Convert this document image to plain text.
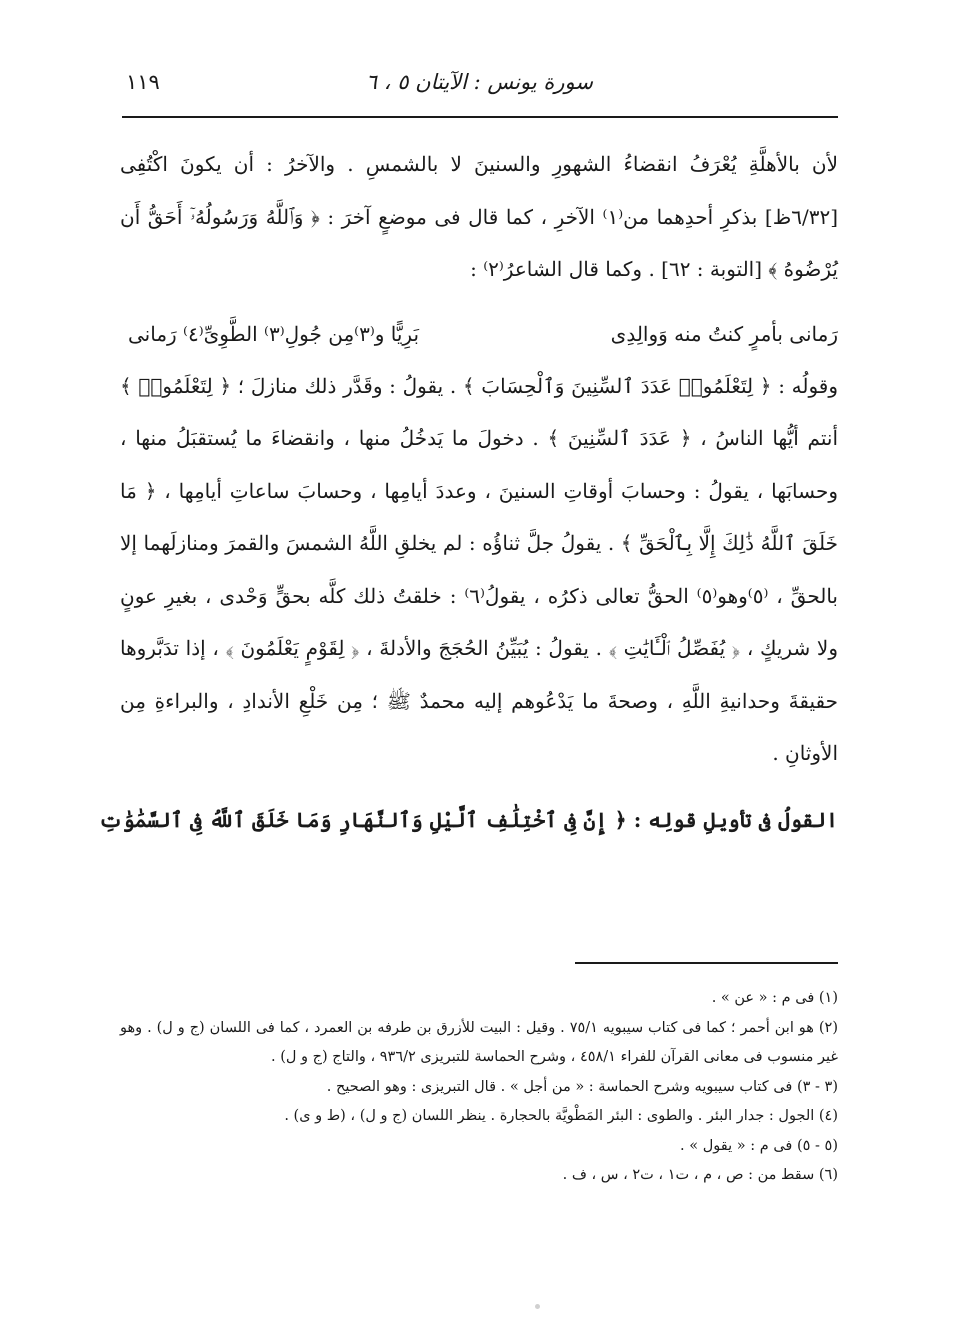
سورة يونس : الآيتان ٥ ، ٦
١١٩

لأن بالأهلَّةِ يُعْرَفُ انقضاءُ الشهورِ والسنينَ لا بالشمسِ . والآخرُ : أن يكونَ اكْتُفِى [٦/٣٢ظ] بذكرِ أحدِهما من⁽١⁾ الآخرِ ، كما قال فى موضعٍ آخرَ : ﴿ وَٱللَّهُ وَرَسُولُهُۥٓ أَحَقُّ أَن يُرْضُوهُ ﴾ [التوبة : ٦٢] . وكما قال الشاعرُ⁽٢⁾ :

رَمانى بأمرٍ كنتُ منه وَوالِدِى
بَرِيًّا و⁽٣⁾مِن جُولِ⁽٣⁾ الطَّوِىِّ⁽٤⁾ رَمانى

وقولُه : ﴿ لِتَعْلَمُوا۟ عَدَدَ ٱلسِّنِينَ وَٱلْحِسَابَ ﴾ . يقولُ : وقَدَّر ذلك منازلَ ؛ ﴿ لِتَعْلَمُوا۟ ﴾ أنتم أيُّها الناسُ ، ﴿ عَدَدَ ٱلسِّنِينَ ﴾ . دخولَ ما يَدخُلُ منها ، وانقضاءَ ما يُستقبَلُ منها ، وحسابَها ، يقولُ : وحسابَ أوقاتِ السنينَ ، وعددَ أيامِها ، وحسابَ ساعاتِ أيامِها ، ﴿ مَا خَلَقَ ٱللَّهُ ذَٰلِكَ إِلَّا بِٱلْحَقِّ ﴾ . يقولُ جلَّ ثناؤُه : لم يخلقِ اللَّهُ الشمسَ والقمرَ ومنازلَهما إلا بالحقِّ ، ⁽٥⁾وهو⁽٥⁾ الحقُّ تعالى ذكرُه ، يقولُ⁽٦⁾ : خلقتُ ذلك كلَّه بحقٍّ وَحْدى ، بغيرِ عونٍ ولا شريكٍ ، ﴿ يُفَصِّلُ ٱلْـَٔايَٰتِ ﴾ . يقولُ : يُبَيِّنُ الحُجَجَ والأدلةَ ، ﴿ لِقَوْمٍ يَعْلَمُونَ ﴾ ، إذا تدَبَّروها حقيقةَ وحدانيةِ اللَّهِ ، وصحةَ ما يَدْعُوهم إليه محمدٌ ﷺ ؛ مِن خَلْعِ الأندادِ ، والبراءةِ مِن الأوثانِ .

القولُ فى تأويلِ قولِه : ﴿ إِنَّ فِى ٱخْتِلَٰفِ ٱلَّيْلِ وَٱلنَّهَارِ وَمَا خَلَقَ ٱللَّهُ فِى ٱلسَّمَٰوَٰتِ

(١) فى م : « عن » .

(٢) هو ابن أحمر ؛ كما فى كتاب سيبويه ٧٥/١ . وقيل : البيت للأزرق بن طرفه بن العمرد ، كما فى اللسان (ج و ل) . وهو غير منسوب فى معانى القرآن للفراء ٤٥٨/١ ، وشرح الحماسة للتبريزى ٩٣٦/٢ ، والتاج (ج و ل) .

(٣ - ٣) فى كتاب سيبويه وشرح الحماسة : « من أجل » . قال التبريزى : وهو الصحيح .

(٤) الجول : جدار البئر . والطوى : البئر المَطْويَّة بالحجارة . ينظر اللسان (ج و ل) ، (ط و ى) .

(٥ - ٥) فى م : « يقول » .

(٦) سقط من : ص ، م ، ت١ ، ت٢ ، س ، ف .
